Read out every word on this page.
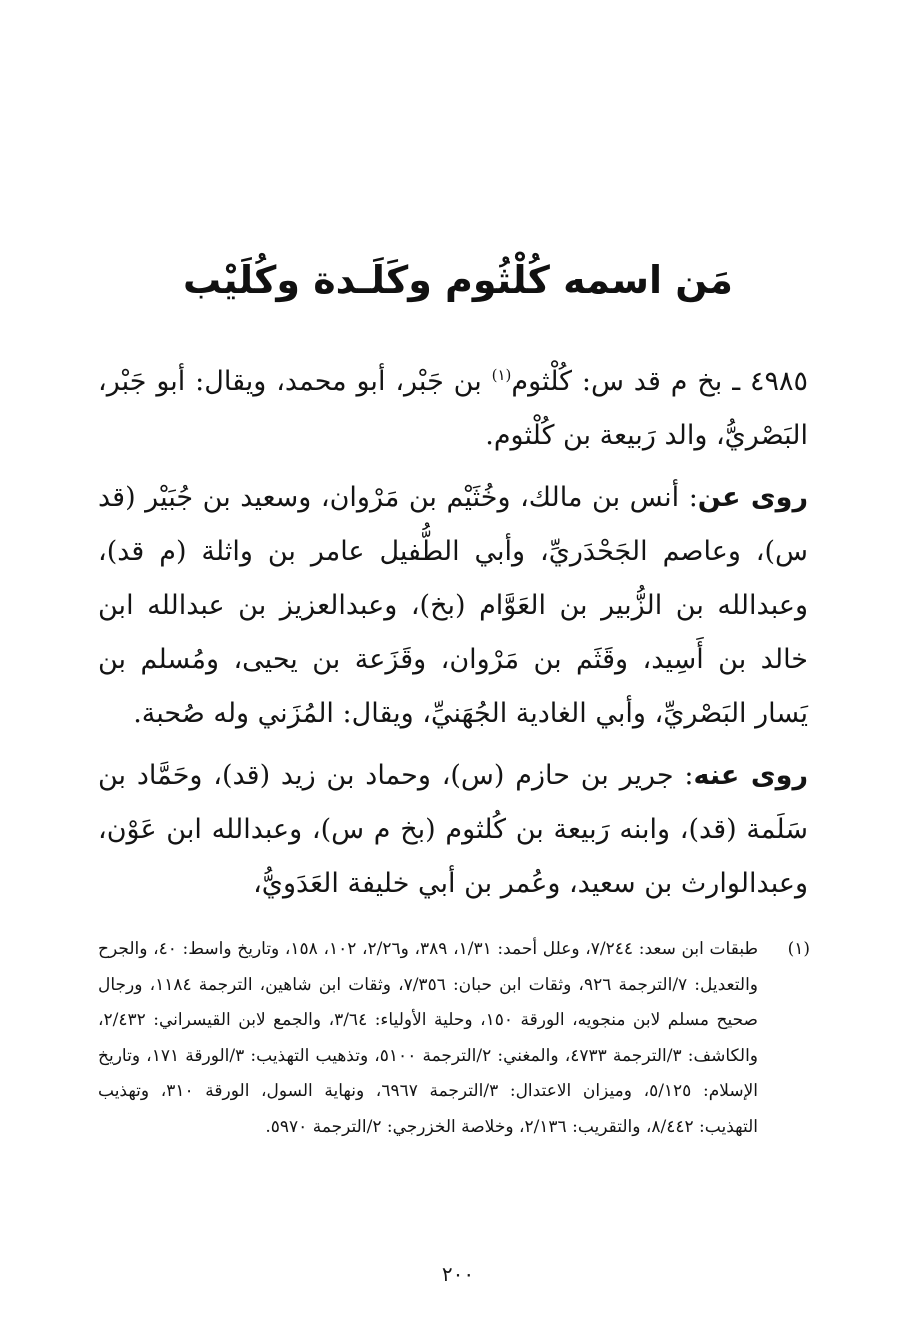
مَن اسمه كُلْثُوم وكَلَـدة وكُلَيْب

٤٩٨٥ ـ بخ م قد س: كُلْثوم$^{(١)}$ بن جَبْر، أبو محمد، ويقال: أبو جَبْر، البَصْريُّ، والد رَبيعة بن كُلْثوم.

روى عن: أنس بن مالك، وخُثَيْم بن مَرْوان، وسعيد بن جُبَيْر (قد س)، وعاصم الجَحْدَريِّ، وأبي الطُّفيل عامر بن واثلة (م قد)، وعبدالله بن الزُّبير بن العَوَّام (بخ)، وعبدالعزيز بن عبدالله ابن خالد بن أَسِيد، وقَثَم بن مَرْوان، وقَزَعة بن يحيى، ومُسلم بن يَسار البَصْريِّ، وأبي الغادية الجُهَنيِّ، ويقال: المُزَني وله صُحبة.

روى عنه: جرير بن حازم (س)، وحماد بن زيد (قد)، وحَمَّاد بن سَلَمة (قد)، وابنه رَبيعة بن كُلثوم (بخ م س)، وعبدالله ابن عَوْن، وعبدالوارث بن سعيد، وعُمر بن أبي خليفة العَدَويُّ،

(١)
طبقات ابن سعد: ٧/٢٤٤، وعلل أحمد: ١/٣١، ٣٨٩، و٢/٢٦، ١٠٢، ١٥٨، وتاريخ واسط: ٤٠، والجرح والتعديل: ٧/الترجمة ٩٢٦، وثقات ابن حبان: ٧/٣٥٦، وثقات ابن شاهين، الترجمة ١١٨٤، ورجال صحيح مسلم لابن منجويه، الورقة ١٥٠، وحلية الأولياء: ٣/٦٤، والجمع لابن القيسراني: ٢/٤٣٢، والكاشف: ٣/الترجمة ٤٧٣٣، والمغني: ٢/الترجمة ٥١٠٠، وتذهيب التهذيب: ٣/الورقة ١٧١، وتاريخ الإسلام: ٥/١٢٥، وميزان الاعتدال: ٣/الترجمة ٦٩٦٧، ونهاية السول، الورقة ٣١٠، وتهذيب التهذيب: ٨/٤٤٢، والتقريب: ٢/١٣٦، وخلاصة الخزرجي: ٢/الترجمة ٥٩٧٠.
٢٠٠
